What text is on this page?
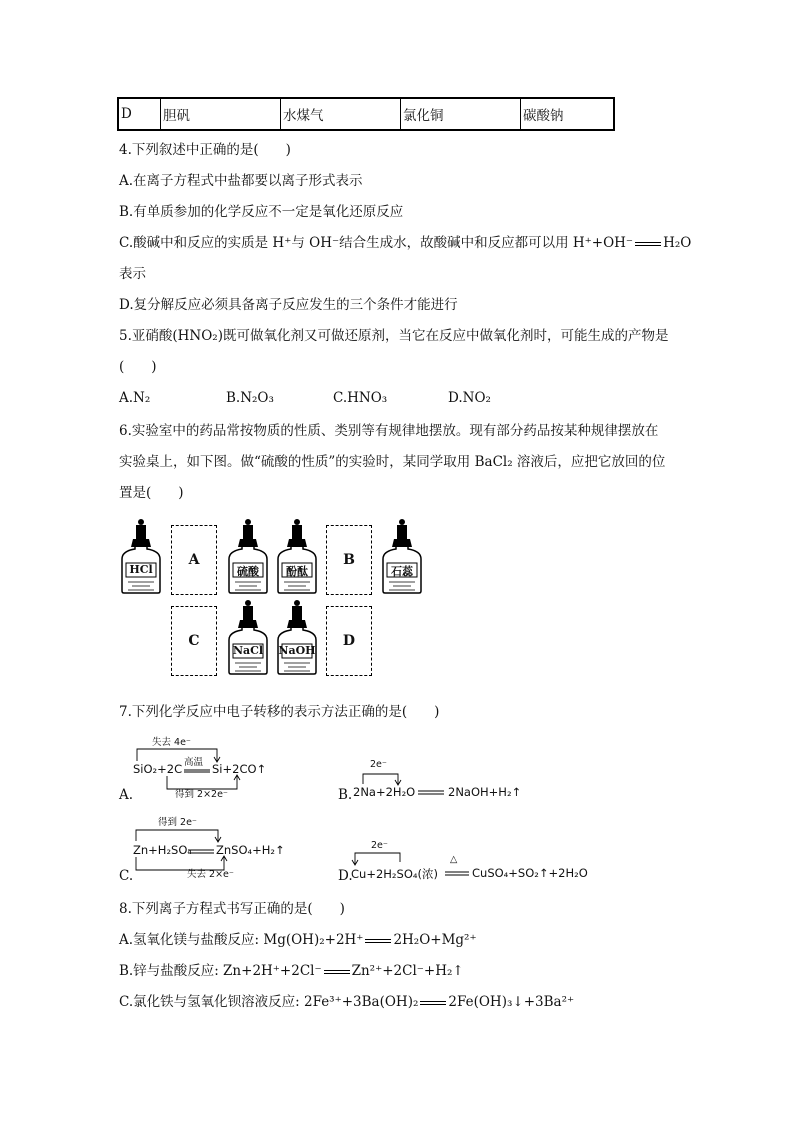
D	胆矾	水煤气	氯化铜	碳酸钠
4.下列叙述中正确的是(　　)
A.在离子方程式中盐都要以离子形式表示
B.有单质参加的化学反应不一定是氧化还原反应
C.酸碱中和反应的实质是 H⁺与 OH⁻结合生成水，故酸碱中和反应都可以用 H⁺+OH⁻ H₂O
表示
D.复分解反应必须具备离子反应发生的三个条件才能进行
5.亚硝酸(HNO₂)既可做氧化剂又可做还原剂，当它在反应中做氧化剂时，可能生成的产物是
(　　)
A.N₂	B.N₂O₃	C.HNO₃	D.NO₂
6.实验室中的药品常按物质的性质、类别等有规律地摆放。现有部分药品按某种规律摆放在
实验桌上，如下图。做“硫酸的性质”的实验时，某同学取用 BaCl₂ 溶液后，应把它放回的位
置是(　　)
HCl
A
硫酸	酚酞
B
石蕊
C
NaCl	NaOH
D
7.下列化学反应中电子转移的表示方法正确的是(　　)
失去 4e⁻
高温
SiO₂+2C	Si+2CO↑
得到 2×2e⁻
A.
2e⁻
B. 2Na+2H₂O	2NaOH+H₂↑
得到 2e⁻
Zn+H₂SO₄ ZnSO₄+H₂↑
失去 2×e⁻
C.
2e⁻
D.
Cu+2H₂SO₄(浓)
△
CuSO₄+SO₂↑+2H₂O
8.下列离子方程式书写正确的是(　　)
A.氢氧化镁与盐酸反应: Mg(OH)₂+2H⁺ 2H₂O+Mg²⁺
B.锌与盐酸反应: Zn+2H⁺+2Cl⁻ Zn²⁺+2Cl⁻+H₂↑
C.氯化铁与氢氧化钡溶液反应: 2Fe³⁺+3Ba(OH)₂ 2Fe(OH)₃↓+3Ba²⁺
